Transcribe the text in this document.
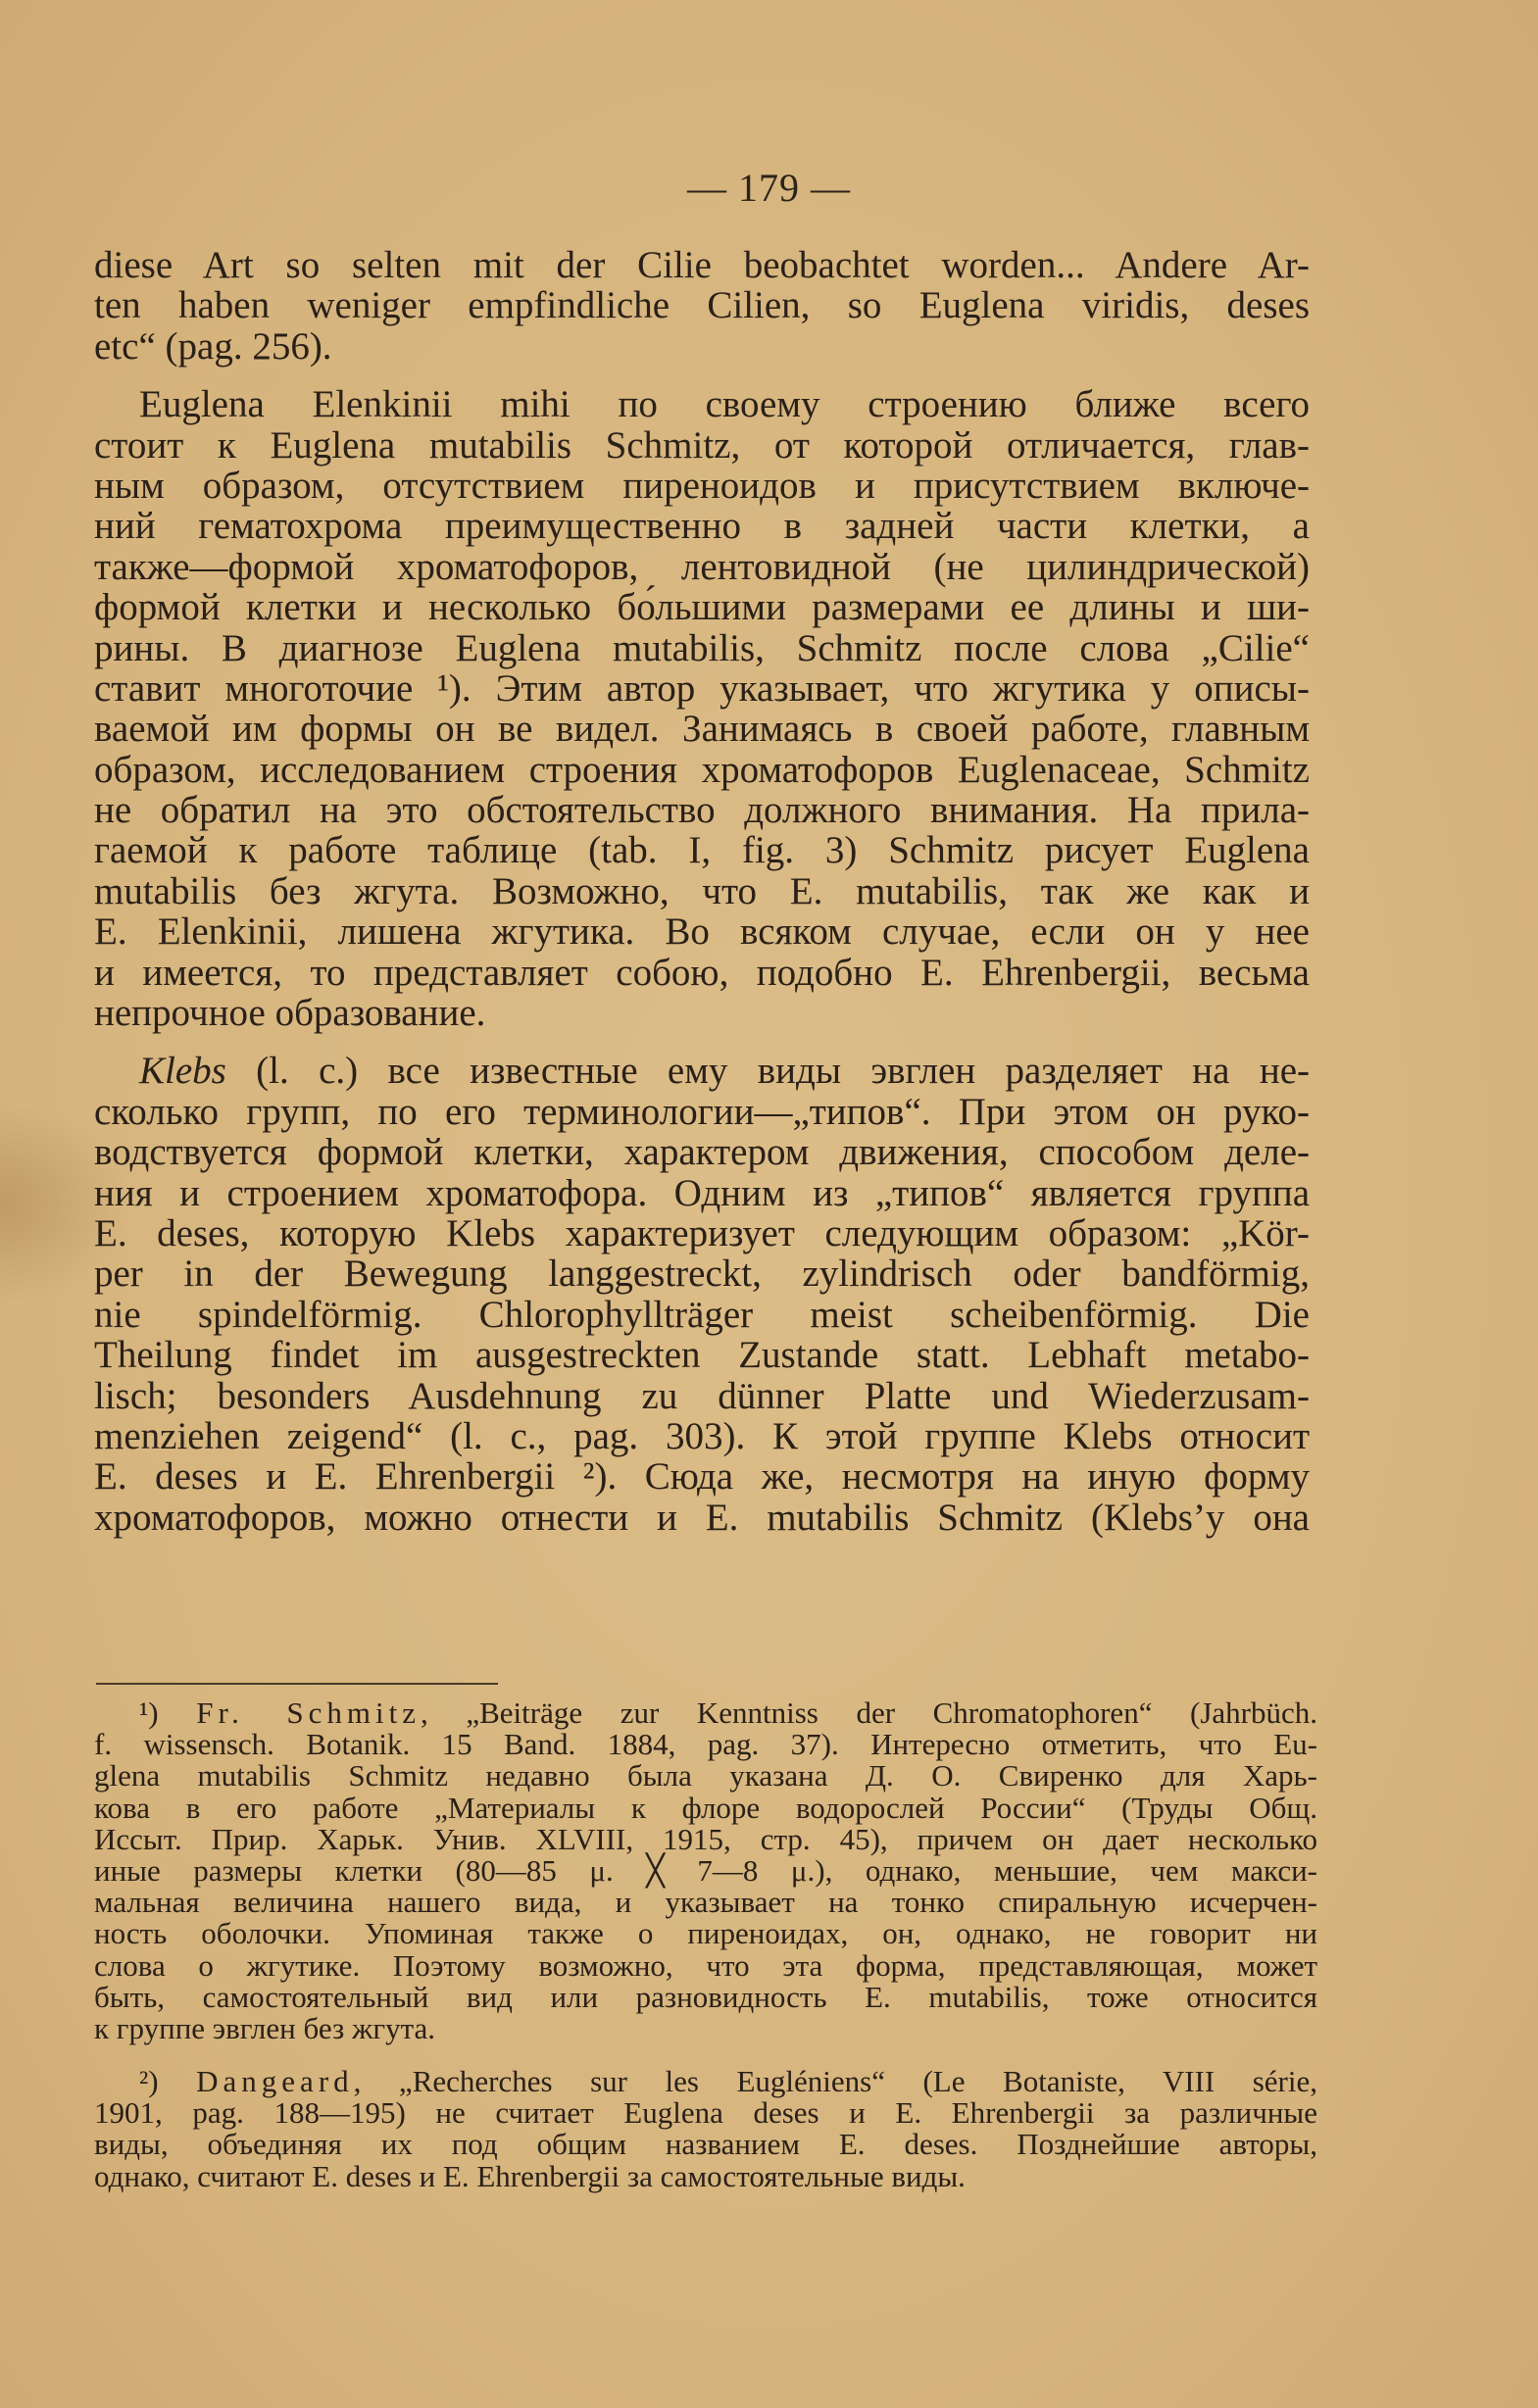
— 179 —
diese Art so selten mit der Cilie beobachtet worden... Andere Ar-
ten haben weniger empfindliche Cilien, so Euglena viridis, deses
etc“ (pag. 256).
Euglena Elenkinii mihi по своему строению ближе всего
стоит к Euglena mutabilis Schmitz, от которой отличается, глав-
ным образом, отсутствием пиреноидов и присутствием включе-
ний гематохрома преимущественно в задней части клетки, а
также—формой хроматофоров, лентовидной (не цилиндрической)
формой клетки и несколько бо́льшими размерами ее длины и ши-
рины. В диагнозе Euglena mutabilis, Schmitz после слова „Cilie“
ставит многоточие ¹). Этим автор указывает, что жгутика у описы-
ваемой им формы он ве видел. Занимаясь в своей работе, главным
образом, исследованием строения хроматофоров Euglenaceae, Schmitz
не обратил на это обстоятельство должного внимания. На прила-
гаемой к работе таблице (tab. I, fig. 3) Schmitz рисует Euglena
mutabilis без жгута. Возможно, что E. mutabilis, так же как и
E. Elenkinii, лишена жгутика. Во всяком случае, если он у нее
и имеется, то представляет собою, подобно E. Ehrenbergii, весьма
непрочное образование.
Klebs (l. c.) все известные ему виды эвглен разделяет на не-
сколько групп, по его терминологии—„типов“. При этом он руко-
водствуется формой клетки, характером движения, способом деле-
ния и строением хроматофора. Одним из „типов“ является группа
E. deses, которую Klebs характеризует следующим образом: „Kör-
per in der Bewegung langgestreckt, zylindrisch oder bandförmig,
nie spindelförmig. Chlorophyllträger meist scheibenförmig. Die
Theilung findet im ausgestreckten Zustande statt. Lebhaft metabo-
lisch; besonders Ausdehnung zu dünner Platte und Wiederzusam-
menziehen zeigend“ (l. c., pag. 303). К этой группе Klebs относит
E. deses и E. Ehrenbergii ²). Сюда же, несмотря на иную форму
хроматофоров, можно отнести и E. mutabilis Schmitz (Klebs’y она
¹) Fr. Schmitz, „Beiträge zur Kenntniss der Chromatophoren“ (Jahrbüch.
f. wissensch. Botanik. 15 Band. 1884, pag. 37). Интересно отметить, что Eu-
glena mutabilis Schmitz недавно была указана Д. О. Свиренко для Харь-
кова в его работе „Материалы к флоре водорослей России“ (Труды Общ.
Исcыт. Прир. Харьк. Унив. XLVIII, 1915, стр. 45), причем он дает несколько
иные размеры клетки (80—85 μ. ╳ 7—8 μ.), однако, меньшие, чем макси-
мальная величина нашего вида, и указывает на тонко спиральную исчерчен-
ность оболочки. Упоминая также о пиреноидах, он, однако, не говорит ни
слова о жгутике. Поэтому возможно, что эта форма, представляющая, может
быть, самостоятельный вид или разновидность E. mutabilis, тоже относится
к группе эвглен без жгута.
²) Dangeard, „Recherches sur les Eugléniens“ (Le Botaniste, VIII série,
1901, pag. 188—195) не считает Euglena deses и E. Ehrenbergii за различные
виды, объединяя их под общим названием E. deses. Позднейшие авторы,
однако, считают E. deses и E. Ehrenbergii за самостоятельные виды.
